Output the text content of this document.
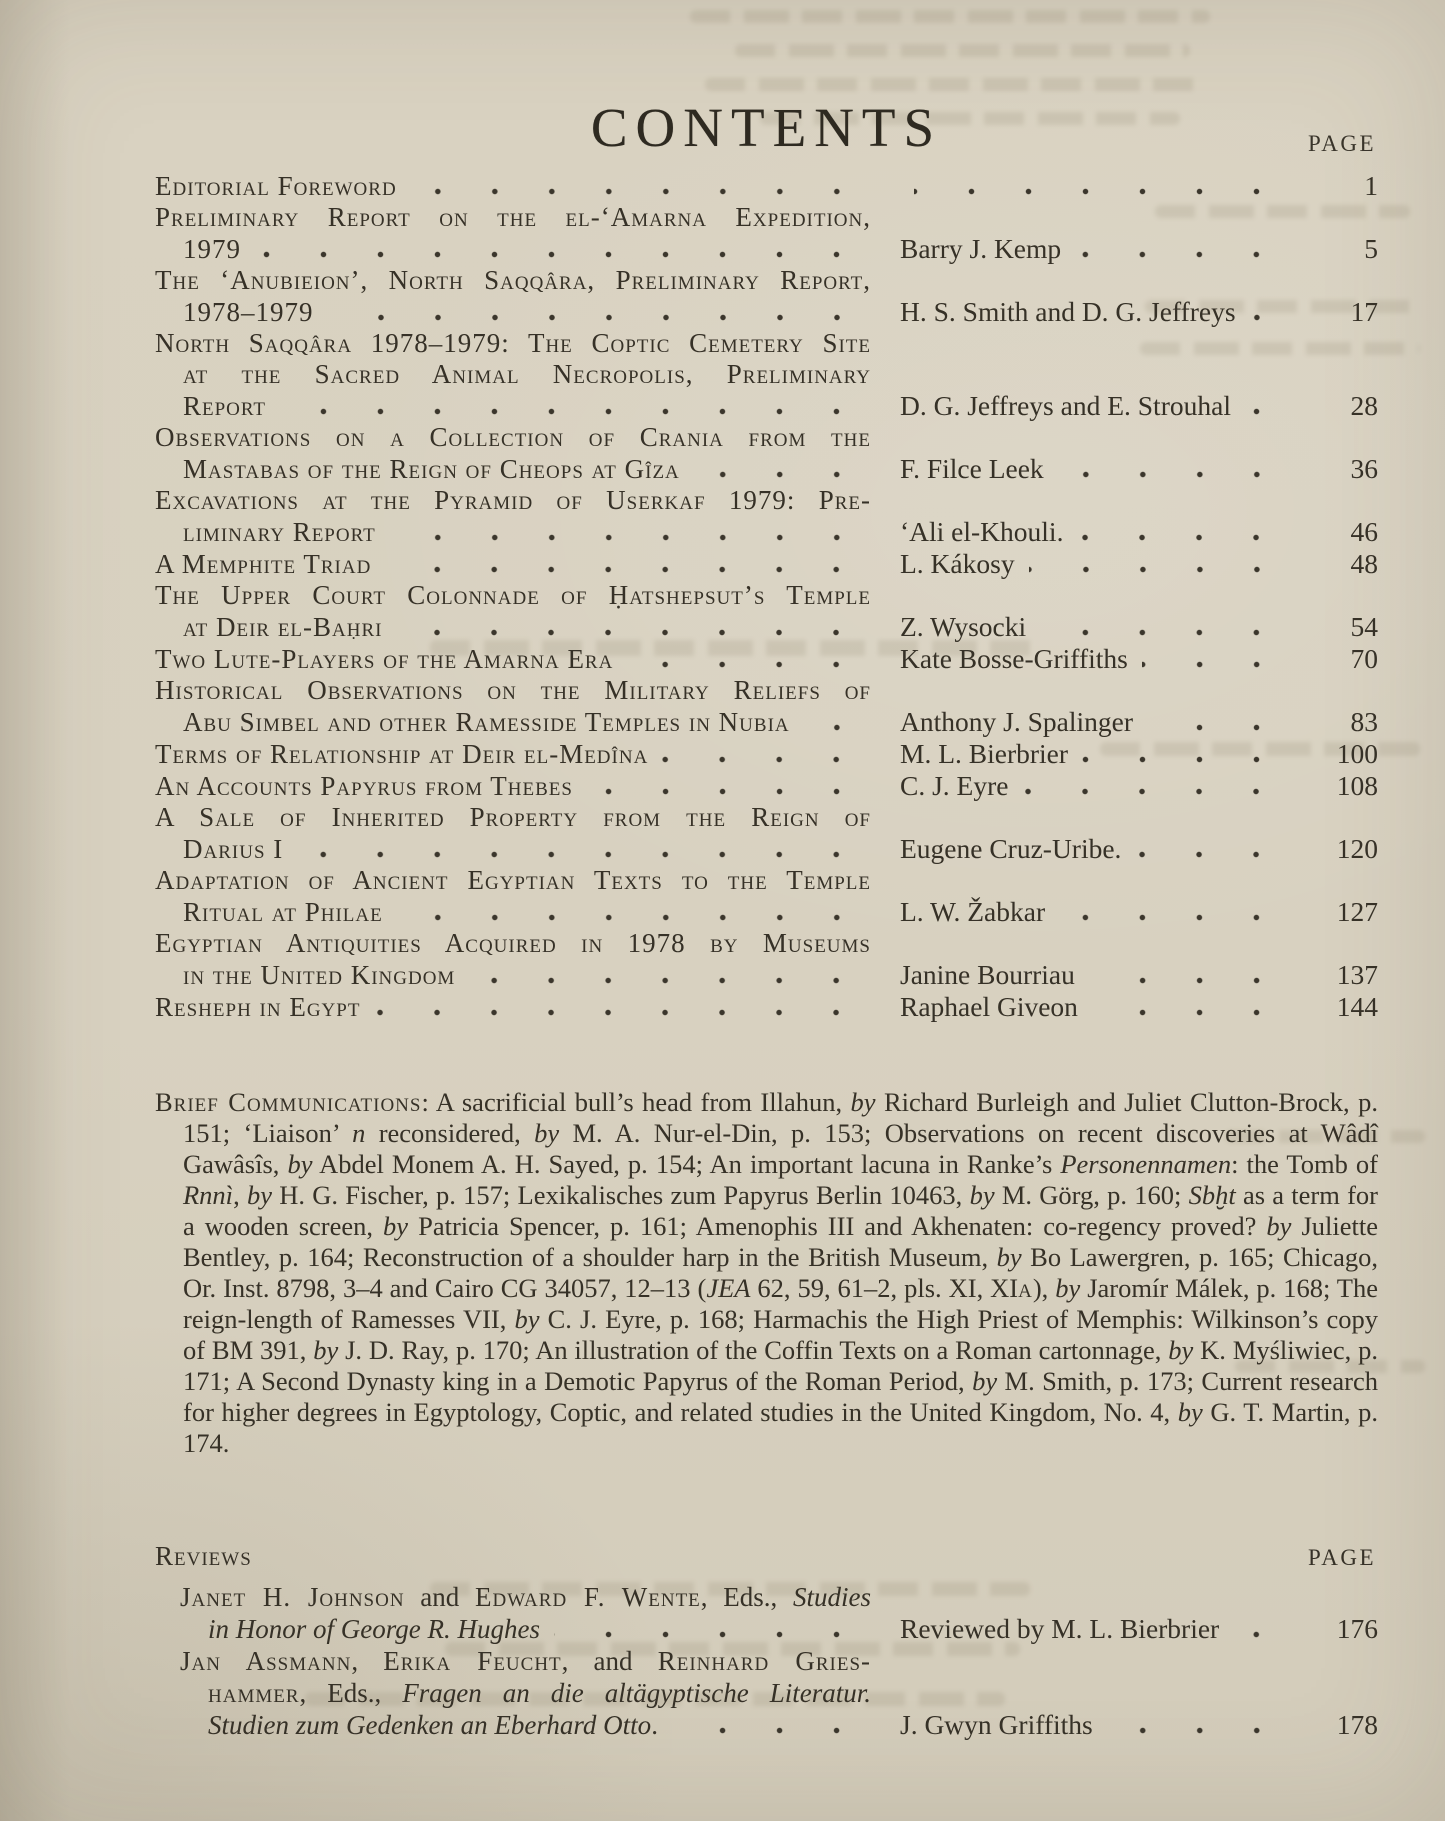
CONTENTS	PAGE
Editorial Foreword	1
Preliminary Report on the el-‘Amarna Expedition,
1979	Barry J. Kemp	5
The ‘Anubieion’, North Saqqâra, Preliminary Report,
1978–1979	H. S. Smith and D. G. Jeffreys	17
North Saqqâra 1978–1979: The Coptic Cemetery Site
at the Sacred Animal Necropolis, Preliminary
Report	D. G. Jeffreys and E. Strouhal	28
Observations on a Collection of Crania from the
Mastabas of the Reign of Cheops at Gîza	F. Filce Leek	36
Excavations at the Pyramid of Userkaf 1979: Pre-
liminary Report	‘Ali el-Khouli.	46
A Memphite Triad	L. Kákosy	48
The Upper Court Colonnade of Ḥatshepsut’s Temple
at Deir el-Baḥri	Z. Wysocki	54
Two Lute-Players of the Amarna Era	Kate Bosse-Griffiths	70
Historical Observations on the Military Reliefs of
Abu Simbel and other Ramesside Temples in Nubia	Anthony J. Spalinger	83
Terms of Relationship at Deir el-Medîna	M. L. Bierbrier	100
An Accounts Papyrus from Thebes	C. J. Eyre	108
A Sale of Inherited Property from the Reign of
Darius I	Eugene Cruz-Uribe.	120
Adaptation of Ancient Egyptian Texts to the Temple
Ritual at Philae	L. W. Žabkar	127
Egyptian Antiquities Acquired in 1978 by Museums
in the United Kingdom	Janine Bourriau	137
Resheph in Egypt	Raphael Giveon	144

Brief Communications: A sacrificial bull’s head from Illahun, by Richard Burleigh and Juliet Clutton-Brock, p. 151; ‘Liaison’ n reconsidered, by M. A. Nur-el-Din, p. 153; Observations on recent discoveries at Wâdî Gawâsîs, by Abdel Monem A. H. Sayed, p. 154; An important lacuna in Ranke’s Personennamen: the Tomb of Rnnì, by H. G. Fischer, p. 157; Lexikalisches zum Papyrus Berlin 10463, by M. Görg, p. 160; Sbḫt as a term for a wooden screen, by Patricia Spencer, p. 161; Amenophis III and Akhenaten: co-regency proved? by Juliette Bentley, p. 164; Reconstruction of a shoulder harp in the British Museum, by Bo Lawergren, p. 165; Chicago, Or. Inst. 8798, 3–4 and Cairo CG 34057, 12–13 (JEA 62, 59, 61–2, pls. XI, XIa), by Jaromír Málek, p. 168; The reign-length of Ramesses VII, by C. J. Eyre, p. 168; Harmachis the High Priest of Memphis: Wilkinson’s copy of BM 391, by J. D. Ray, p. 170; An illustration of the Coffin Texts on a Roman cartonnage, by K. Myśliwiec, p. 171; A Second Dynasty king in a Demotic Papyrus of the Roman Period, by M. Smith, p. 173; Current research for higher degrees in Egyptology, Coptic, and related studies in the United Kingdom, No. 4, by G. T. Martin, p. 174.

Reviews	PAGE
Janet H. Johnson and Edward F. Wente, Eds., Studies
in Honor of George R. Hughes	Reviewed by M. L. Bierbrier	176
Jan Assmann, Erika Feucht, and Reinhard Gries-
hammer, Eds., Fragen an die altägyptische Literatur.
Studien zum Gedenken an Eberhard Otto.	J. Gwyn Griffiths	178
